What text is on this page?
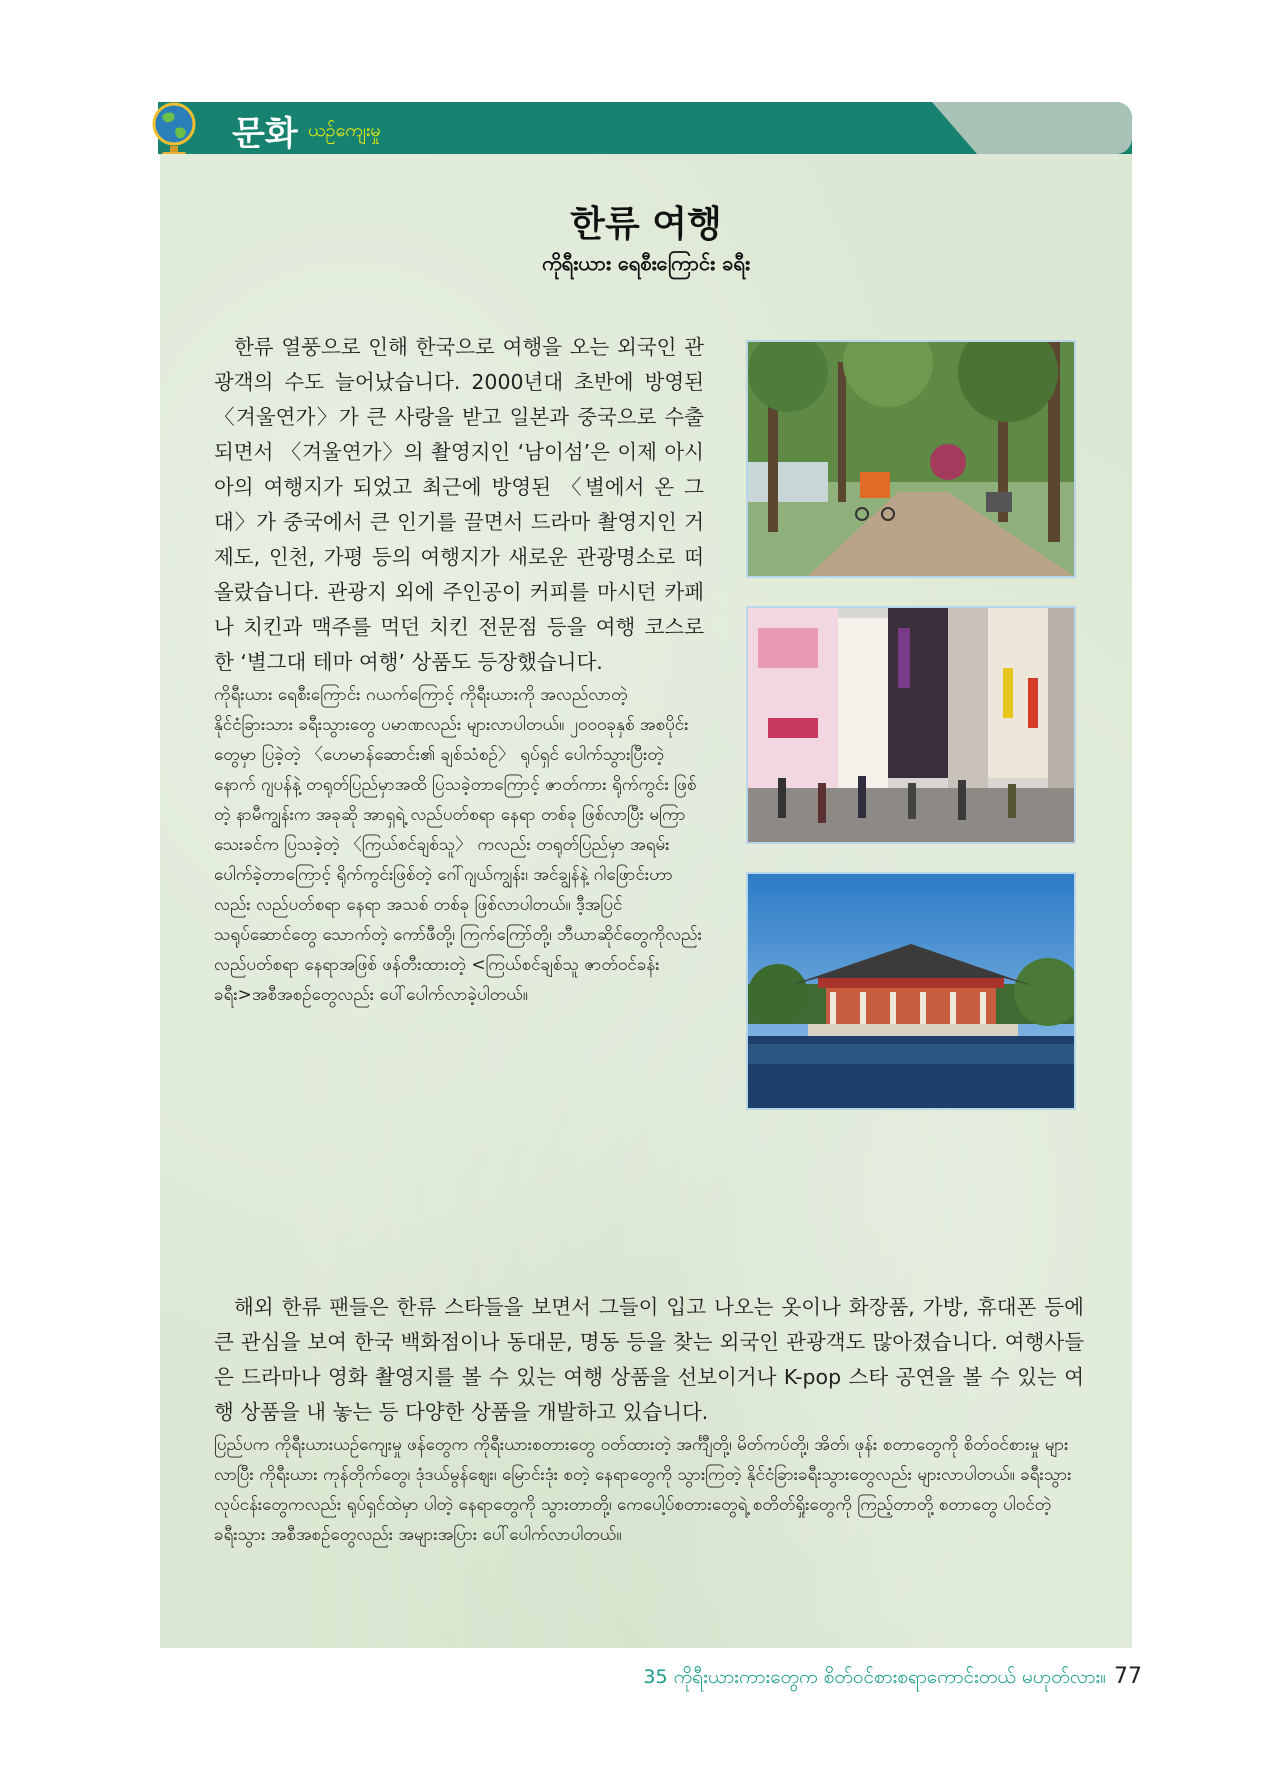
문화 ယဉ်ကျေးမှု
한류 여행
ကိုရီးယား ရေစီးကြောင်း ခရီး

한류 열풍으로 인해 한국으로 여행을 오는 외국인 관광객의 수도 늘어났습니다. 2000년대 초반에 방영된 〈겨울연가〉가 큰 사랑을 받고 일본과 중국으로 수출되면서 〈겨울연가〉의 촬영지인 ‘남이섬’은 이제 아시아의 여행지가 되었고 최근에 방영된 〈별에서 온 그대〉가 중국에서 큰 인기를 끌면서 드라마 촬영지인 거제도, 인천, 가평 등의 여행지가 새로운 관광명소로 떠올랐습니다. 관광지 외에 주인공이 커피를 마시던 카페나 치킨과 맥주를 먹던 치킨 전문점 등을 여행 코스로 한 ‘별그대 테마 여행’ 상품도 등장했습니다.

ကိုရီးယား ရေစီးကြောင်း ဂယက်ကြောင့် ကိုရီးယားကို အလည်လာတဲ့ နိုင်ငံခြားသား ခရီးသွားတွေ ပမာဏလည်း များလာပါတယ်။ ၂၀၀၀ခုနှစ် အစပိုင်းတွေမှာ ပြခဲ့တဲ့ 〈ဟေမာန်ဆောင်း၏ ချစ်သံစဉ်〉 ရုပ်ရှင် ပေါက်သွားပြီးတဲ့နောက် ဂျပန်နဲ့ တရုတ်ပြည်မှာအထိ ပြသခဲ့တာကြောင့် ဇာတ်ကား ရိုက်ကွင်း ဖြစ်တဲ့ နာမီကျွန်းက အခုဆို အာရှရဲ့ လည်ပတ်စရာ နေရာ တစ်ခု ဖြစ်လာပြီး မကြာသေးခင်က ပြသခဲ့တဲ့ 〈ကြယ်စင်ချစ်သူ〉 ကလည်း တရုတ်ပြည်မှာ အရမ်း ပေါက်ခဲ့တာကြောင့် ရိုက်ကွင်းဖြစ်တဲ့ ဂေါ်ဂျယ်ကျွန်း၊ အင်ချွန်နဲ့ ဂါဖြောင်းဟာလည်း လည်ပတ်စရာ နေရာ အသစ် တစ်ခု ဖြစ်လာပါတယ်။ ဒီ့အပြင် သရုပ်ဆောင်တွေ သောက်တဲ့ ကော်ဖီတို့၊ ကြက်ကြော်တို့၊ ဘီယာဆိုင်တွေကိုလည်း လည်ပတ်စရာ နေရာအဖြစ် ဖန်တီးထားတဲ့ <ကြယ်စင်ချစ်သူ ဇာတ်ဝင်ခန်းခရီး>အစီအစဉ်တွေလည်း ပေါ်ပေါက်လာခဲ့ပါတယ်။

해외 한류 팬들은 한류 스타들을 보면서 그들이 입고 나오는 옷이나 화장품, 가방, 휴대폰 등에 큰 관심을 보여 한국 백화점이나 동대문, 명동 등을 찾는 외국인 관광객도 많아졌습니다. 여행사들은 드라마나 영화 촬영지를 볼 수 있는 여행 상품을 선보이거나 K-pop 스타 공연을 볼 수 있는 여행 상품을 내 놓는 등 다양한 상품을 개발하고 있습니다.

ပြည်ပက ကိုရီးယားယဉ်ကျေးမှု ဖန်တွေက ကိုရီးယားစတားတွေ ဝတ်ထားတဲ့ အင်္ကျီတို့၊ မိတ်ကပ်တို့၊ အိတ်၊ ဖုန်း စတာတွေကို စိတ်ဝင်စားမှု များလာပြီး ကိုရီးယား ကုန်တိုက်တွေ၊ ဒုံဒယ်မွန်ဈေး၊ မြောင်းဒုံး စတဲ့ နေရာတွေကို သွားကြတဲ့ နိုင်ငံခြားခရီးသွားတွေလည်း များလာပါတယ်။ ခရီးသွားလုပ်ငန်းတွေကလည်း ရုပ်ရှင်ထဲမှာ ပါတဲ့ နေရာတွေကို သွားတာတို့၊ ကေပေါ့ပ်စတားတွေရဲ့ စတိတ်ရှိုးတွေကို ကြည့်တာတို့ စတာတွေ ပါဝင်တဲ့ ခရီးသွား အစီအစဉ်တွေလည်း အများအပြား ပေါ်ပေါက်လာပါတယ်။

35 ကိုရီးယားကားတွေက စိတ်ဝင်စားစရာကောင်းတယ် မဟုတ်လား။ 77
